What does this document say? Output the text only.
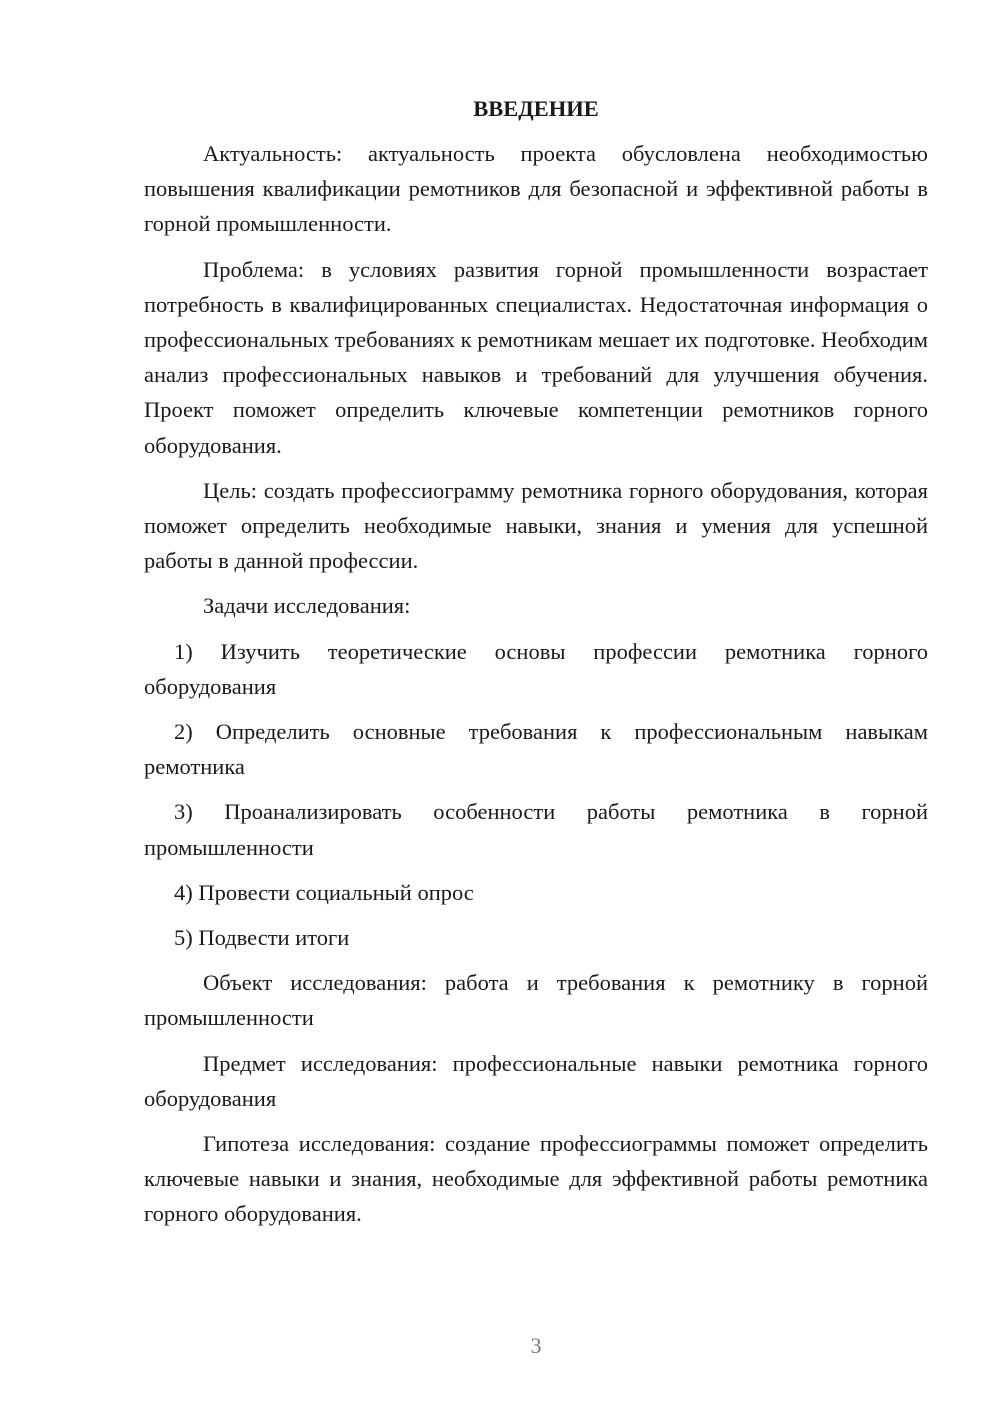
ВВЕДЕНИЕ

Актуальность: актуальность проекта обусловлена необходимостью повышения квалификации ремотников для безопасной и эффективной работы в горной промышленности.

Проблема: в условиях развития горной промышленности возрастает потребность в квалифицированных специалистах. Недостаточная информация о профессиональных требованиях к ремотникам мешает их подготовке. Необходим анализ профессиональных навыков и требований для улучшения обучения. Проект поможет определить ключевые компетенции ремотников горного оборудования.

Цель: создать профессиограмму ремотника горного оборудования, которая поможет определить необходимые навыки, знания и умения для успешной работы в данной профессии.

Задачи исследования:

1) Изучить теоретические основы профессии ремотника горного оборудования

2) Определить основные требования к профессиональным навыкам ремотника

3) Проанализировать особенности работы ремотника в горной промышленности

4) Провести социальный опрос

5) Подвести итоги

Объект исследования: работа и требования к ремотнику в горной промышленности

Предмет исследования: профессиональные навыки ремотника горного оборудования

Гипотеза исследования: создание профессиограммы поможет определить ключевые навыки и знания, необходимые для эффективной работы ремотника горного оборудования.

3
